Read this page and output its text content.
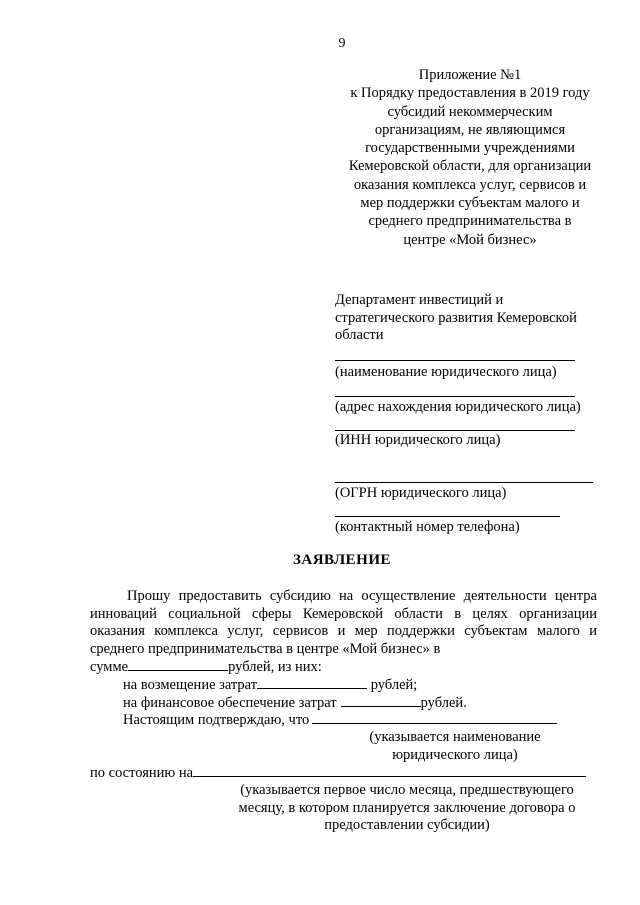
9
Приложение №1
к Порядку предоставления в 2019 году
субсидий некоммерческим
организациям, не являющимся
государственными учреждениями
Кемеровской области, для организации
оказания комплекса услуг, сервисов и
мер поддержки субъектам малого и
среднего предпринимательства в
центре «Мой бизнес»
Департамент инвестиций и
стратегического развития Кемеровской
области
(наименование юридического лица)
(адрес нахождения юридического лица)
(ИНН юридического лица)
(ОГРН юридического лица)
(контактный номер телефона)
ЗАЯВЛЕНИЕ
Прошу предоставить субсидию на осуществление деятельности центра инноваций социальной сферы Кемеровской области в целях организации оказания комплекса услуг, сервисов и мер поддержки субъектам малого и среднего предпринимательства в центре «Мой бизнес» в
сумме	рублей, из них:
на возмещение затрат	рублей;
на финансовое обеспечение затрат	рублей.
Настоящим подтверждаю, что
(указывается наименование
юридического лица)
по состоянию на
(указывается первое число месяца, предшествующего
месяцу, в котором планируется заключение договора о
предоставлении субсидии)
